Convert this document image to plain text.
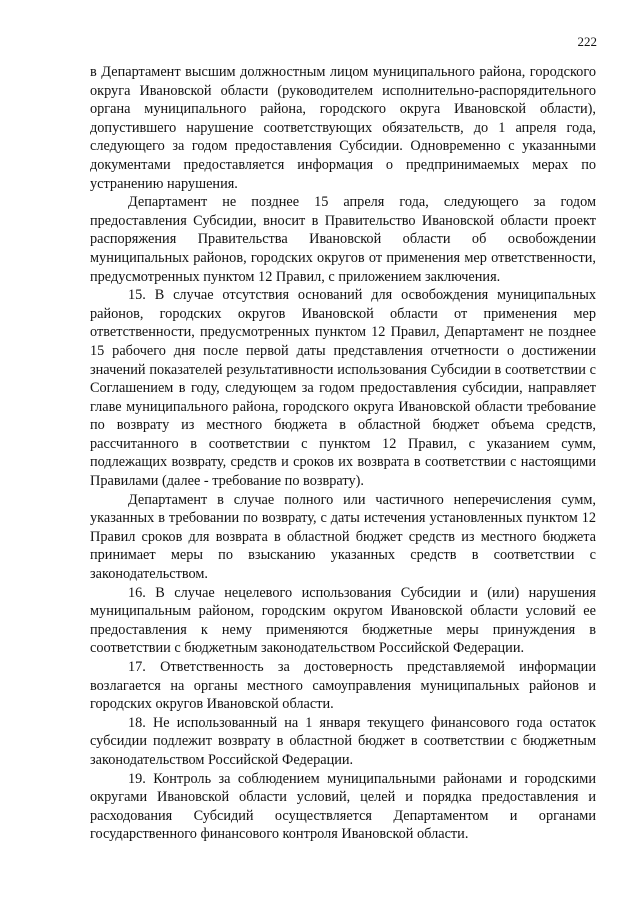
222

в Департамент высшим должностным лицом муниципального района, городского округа Ивановской области (руководителем исполнительно-распорядительного органа муниципального района, городского округа Ивановской области), допустившего нарушение соответствующих обязательств, до 1 апреля года, следующего за годом предоставления Субсидии. Одновременно с указанными документами предоставляется информация о предпринимаемых мерах по устранению нарушения.

Департамент не позднее 15 апреля года, следующего за годом предоставления Субсидии, вносит в Правительство Ивановской области проект распоряжения Правительства Ивановской области об освобождении муниципальных районов, городских округов от применения мер ответственности, предусмотренных пунктом 12 Правил, с приложением заключения.

15. В случае отсутствия оснований для освобождения муниципальных районов, городских округов Ивановской области от применения мер ответственности, предусмотренных пунктом 12 Правил, Департамент не позднее 15 рабочего дня после первой даты представления отчетности о достижении значений показателей результативности использования Субсидии в соответствии с Соглашением в году, следующем за годом предоставления субсидии, направляет главе муниципального района, городского округа Ивановской области требование по возврату из местного бюджета в областной бюджет объема средств, рассчитанного в соответствии с пунктом 12 Правил, с указанием сумм, подлежащих возврату, средств и сроков их возврата в соответствии с настоящими Правилами (далее - требование по возврату).

Департамент в случае полного или частичного неперечисления сумм, указанных в требовании по возврату, с даты истечения установленных пунктом 12 Правил сроков для возврата в областной бюджет средств из местного бюджета принимает меры по взысканию указанных средств в соответствии с законодательством.

16. В случае нецелевого использования Субсидии и (или) нарушения муниципальным районом, городским округом Ивановской области условий ее предоставления к нему применяются бюджетные меры принуждения в соответствии с бюджетным законодательством Российской Федерации.

17. Ответственность за достоверность представляемой информации возлагается на органы местного самоуправления муниципальных районов и городских округов Ивановской области.

18. Не использованный на 1 января текущего финансового года остаток субсидии подлежит возврату в областной бюджет в соответствии с бюджетным законодательством Российской Федерации.

19. Контроль за соблюдением муниципальными районами и городскими округами Ивановской области условий, целей и порядка предоставления и расходования Субсидий осуществляется Департаментом и органами государственного финансового контроля Ивановской области.
